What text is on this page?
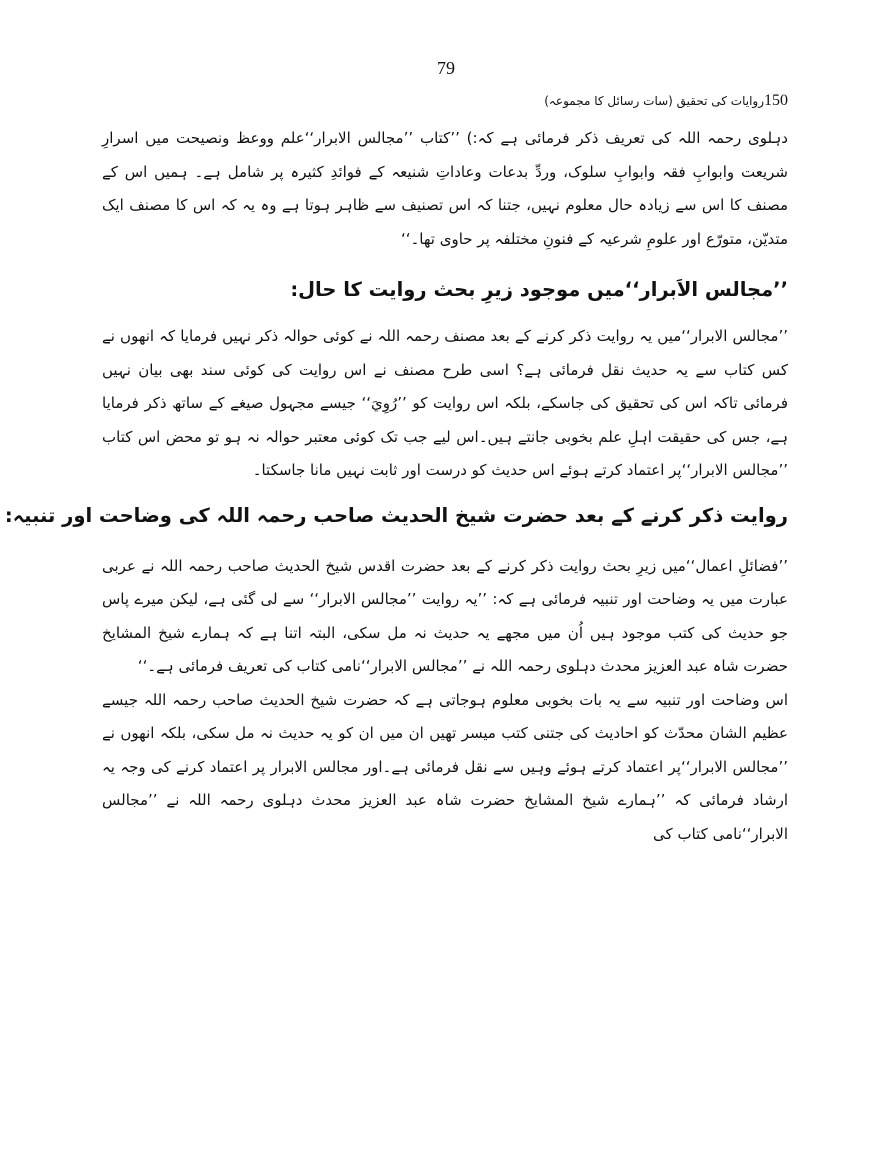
79
150روایات کی تحقیق (سات رسائل کا مجموعہ)

دہلوی رحمہ اللہ کی تعریف ذکر فرمائی ہے کہ:) ’’کتاب ’’مجالس الابرار‘‘علم ووعظ ونصیحت میں اسرارِ شریعت وابوابِ فقہ وابوابِ سلوک، وردِّ بدعات وعاداتِ شنیعہ کے فوائدِ کثیرہ پر شامل ہے۔ ہمیں اس کے مصنف کا اس سے زیادہ حال معلوم نہیں، جتنا کہ اس تصنیف سے ظاہر ہوتا ہے وہ یہ کہ اس کا مصنف ایک متدیّن، متورّع اور علومِ شرعیہ کے فنونِ مختلفہ پر حاوی تھا۔‘‘

’’مجالس الاَبرار‘‘میں موجود زیرِ بحث روایت کا حال:

’’مجالس الابرار‘‘میں یہ روایت ذکر کرنے کے بعد مصنف رحمہ اللہ نے کوئی حوالہ ذکر نہیں فرمایا کہ انھوں نے کس کتاب سے یہ حدیث نقل فرمائی ہے؟ اسی طرح مصنف نے اس روایت کی کوئی سند بھی بیان نہیں فرمائی تاکہ اس کی تحقیق کی جاسکے، بلکہ اس روایت کو ’’رُوِيَ‘‘ جیسے مجہول صیغے کے ساتھ ذکر فرمایا ہے، جس کی حقیقت اہلِ علم بخوبی جانتے ہیں۔اس لیے جب تک کوئی معتبر حوالہ نہ ہو تو محض اس کتاب ’’مجالس الابرار‘‘پر اعتماد کرتے ہوئے اس حدیث کو درست اور ثابت نہیں مانا جاسکتا۔

روایت ذکر کرنے کے بعد حضرت شیخ الحدیث صاحب رحمہ اللہ کی وضاحت اور تنبیہ:

’’فضائلِ اعمال‘‘میں زیرِ بحث روایت ذکر کرنے کے بعد حضرت اقدس شیخ الحدیث صاحب رحمہ اللہ نے عربی عبارت میں یہ وضاحت اور تنبیہ فرمائی ہے کہ: ’’یہ روایت ’’مجالس الابرار‘‘ سے لی گئی ہے، لیکن میرے پاس جو حدیث کی کتب موجود ہیں اُن میں مجھے یہ حدیث نہ مل سکی، البتہ اتنا ہے کہ ہمارے شیخ المشایخ حضرت شاہ عبد العزیز محدث دہلوی رحمہ اللہ نے ’’مجالس الابرار‘‘نامی کتاب کی تعریف فرمائی ہے۔‘‘

اس وضاحت اور تنبیہ سے یہ بات بخوبی معلوم ہوجاتی ہے کہ حضرت شیخ الحدیث صاحب رحمہ اللہ جیسے عظیم الشان محدّث کو احادیث کی جتنی کتب میسر تھیں ان میں ان کو یہ حدیث نہ مل سکی، بلکہ انھوں نے ’’مجالس الابرار‘‘پر اعتماد کرتے ہوئے وہیں سے نقل فرمائی ہے۔اور مجالس الابرار پر اعتماد کرنے کی وجہ یہ ارشاد فرمائی کہ ’’ہمارے شیخ المشایخ حضرت شاہ عبد العزیز محدث دہلوی رحمہ اللہ نے ’’مجالس الابرار‘‘نامی کتاب کی
